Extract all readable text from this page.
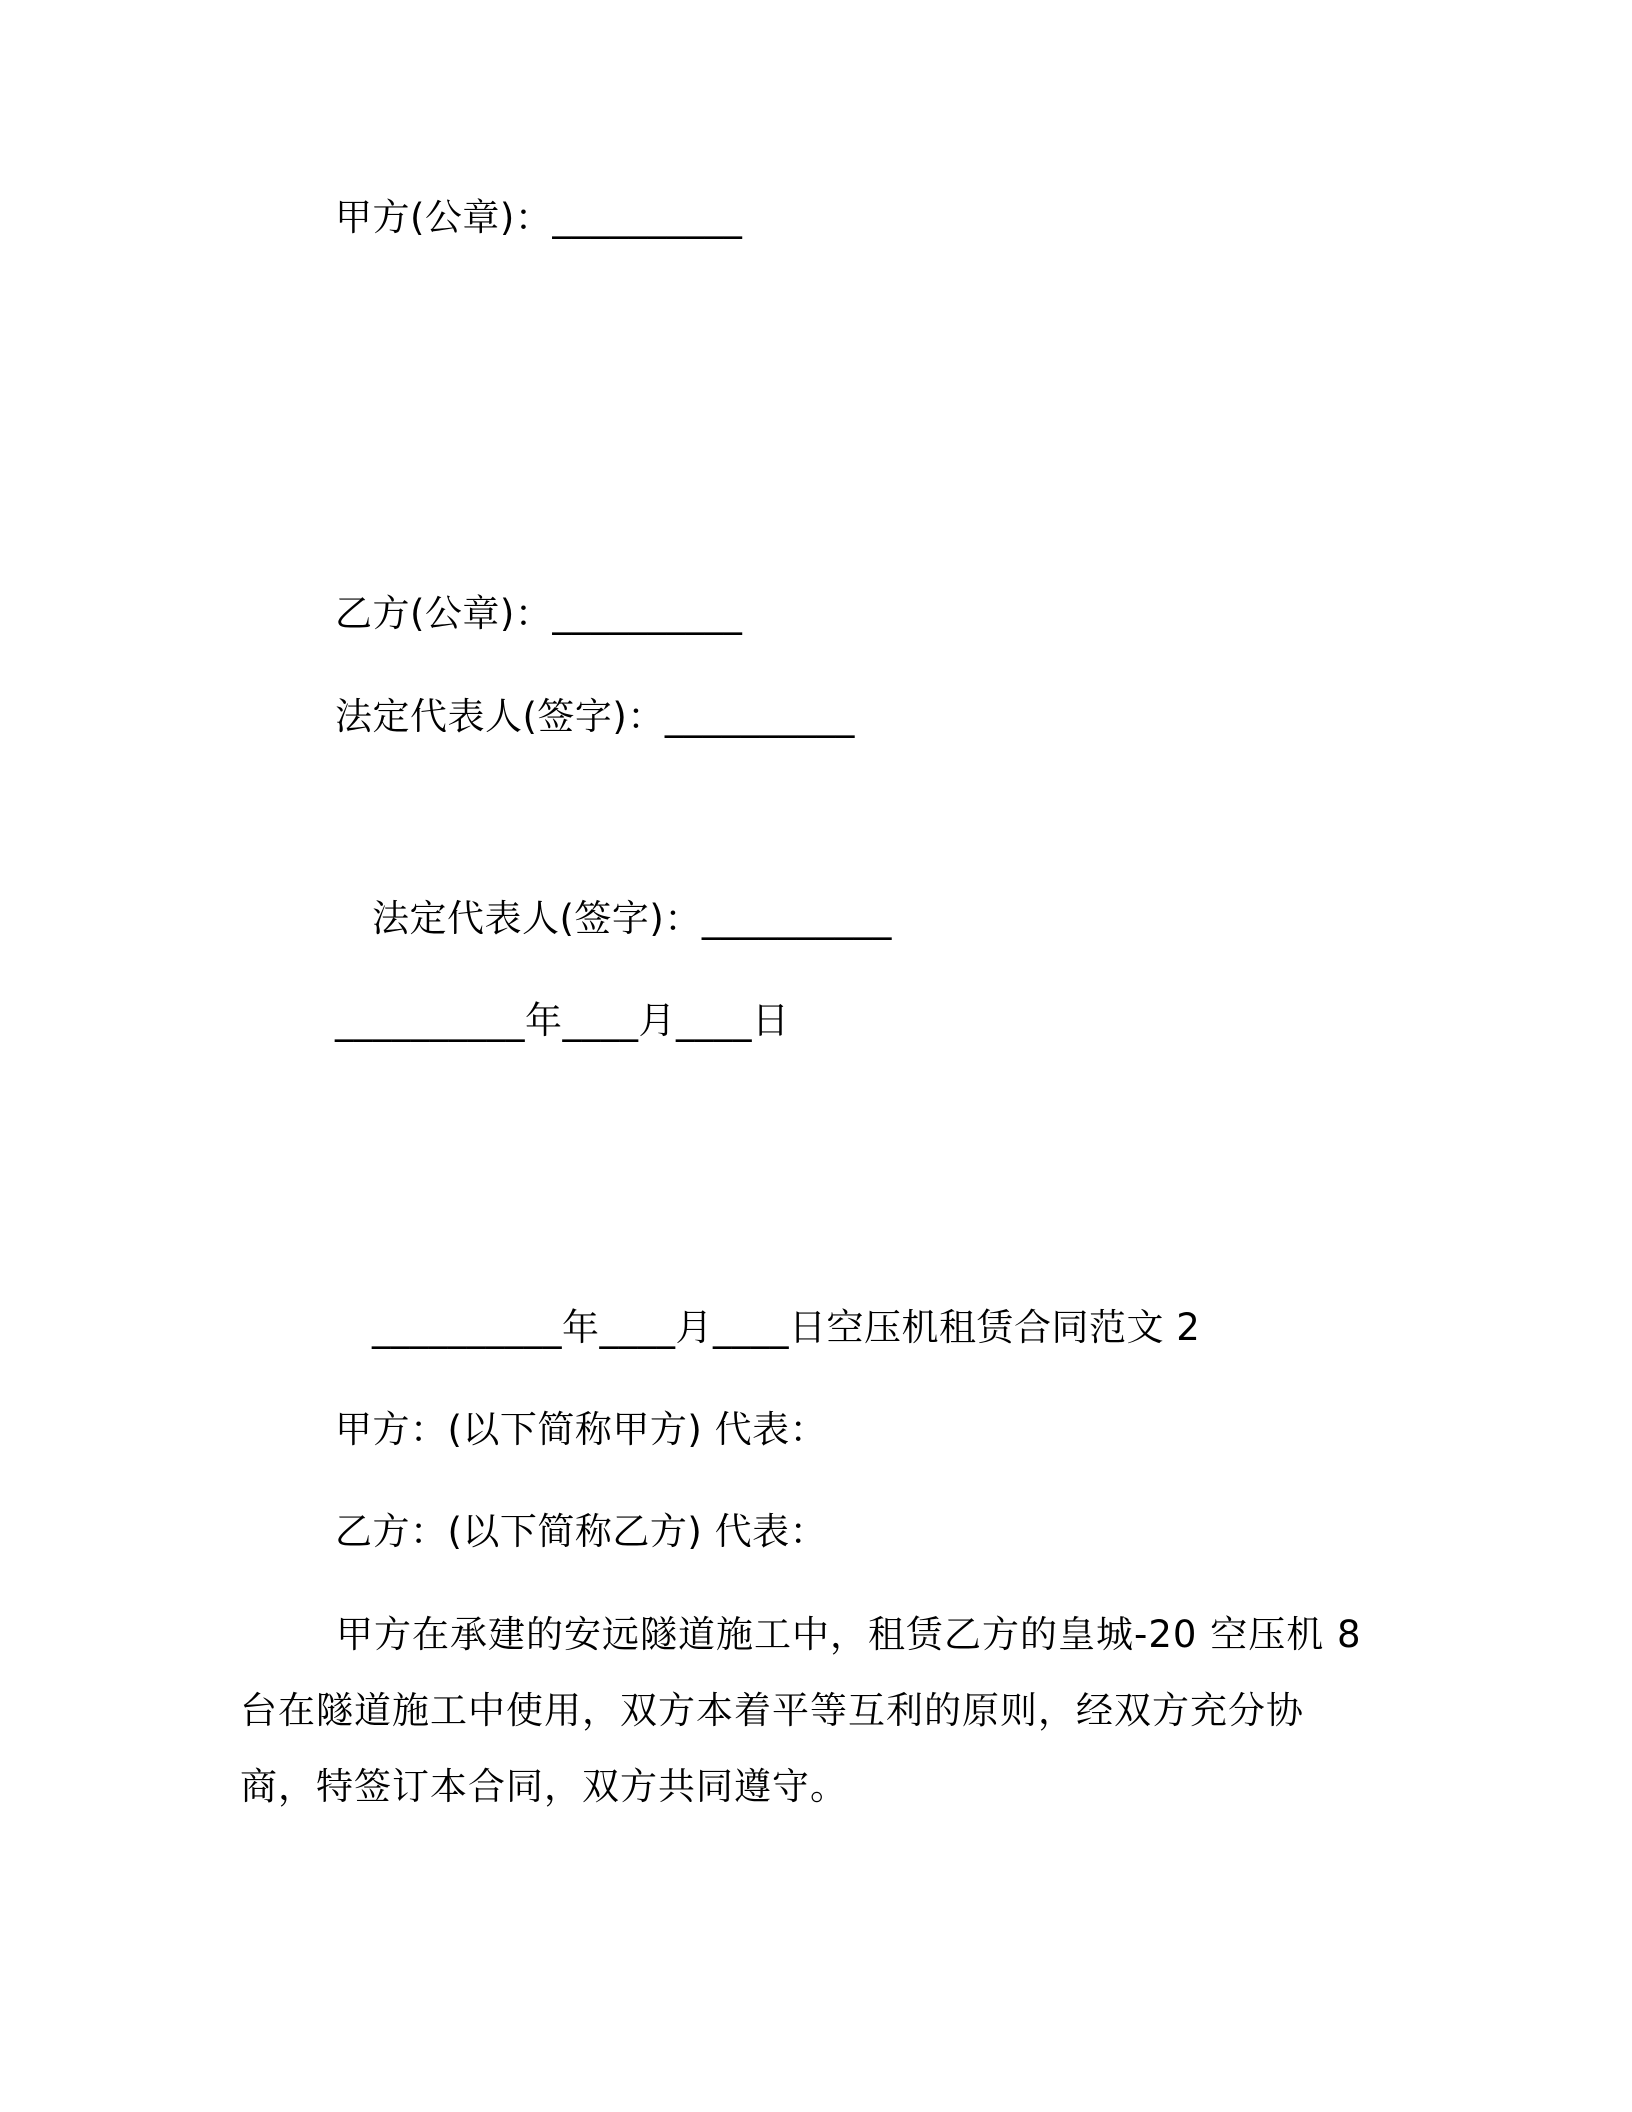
甲方(公章)：__________
乙方(公章)：__________
法定代表人(签字)：__________
法定代表人(签字)：__________
__________年____月____日
__________年____月____日空压机租赁合同范文 2
甲方：(以下简称甲方) 代表：
乙方：(以下简称乙方) 代表：

甲方在承建的安远隧道施工中，租赁乙方的皇城-20 空压机 8 台在隧道施工中使用，双方本着平等互利的原则，经双方充分协商，特签订本合同，双方共同遵守。
